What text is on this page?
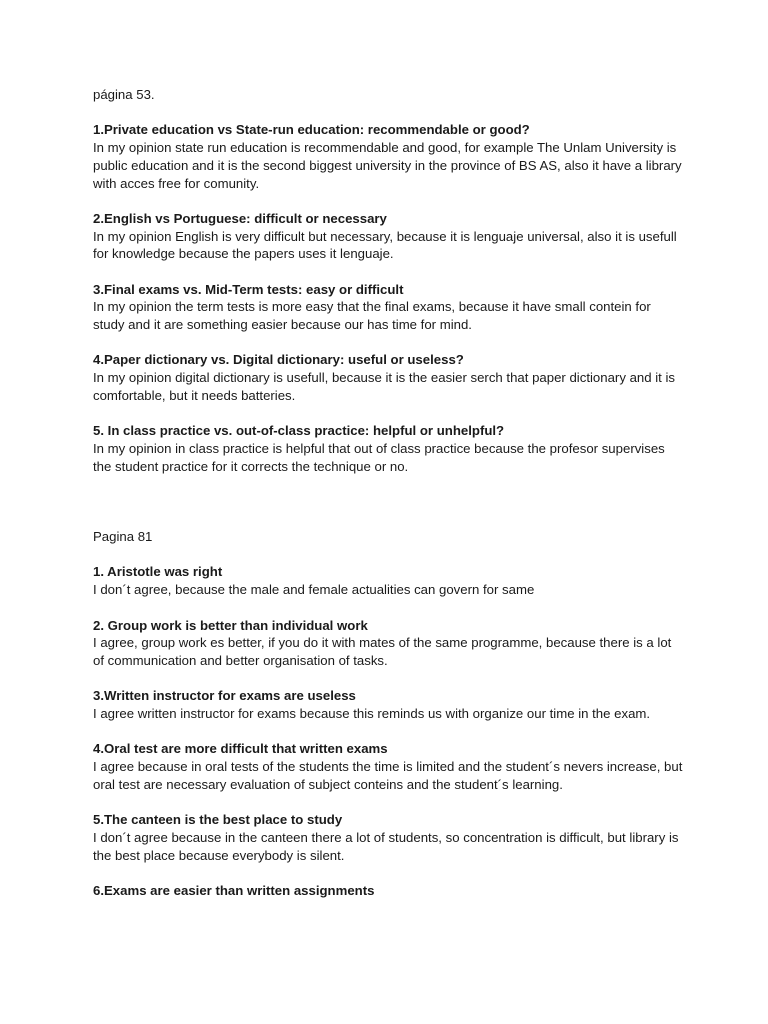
página 53.

1.Private education vs State-run education: recommendable or good?

In my opinion state run education is recommendable and good, for example The Unlam University is public education and it is the second biggest university in the province of BS AS, also it have a library with acces free for comunity.

2.English vs Portuguese: difficult or necessary

In my opinion English is very difficult but necessary, because it is lenguaje universal, also it is usefull for knowledge because the papers uses it lenguaje.

3.Final exams vs. Mid-Term tests: easy or difficult

In my opinion the term tests is more easy that the final exams, because it have small contein for study and it are something easier because our has time for mind.

4.Paper dictionary vs. Digital dictionary: useful or useless?

In my opinion digital dictionary is usefull, because it is the easier serch that paper dictionary and it is comfortable, but it needs batteries.

5. In class practice vs. out-of-class practice: helpful or unhelpful?

In my opinion in class practice is helpful that out of class practice because the profesor supervises the student practice for it corrects the technique or no.

Pagina 81

1. Aristotle was right

I don´t agree, because the male and female actualities can govern for same

2. Group work is better than individual work

I agree, group work es better, if you do it with mates of the same programme, because there is a lot of communication and better organisation of tasks.

3.Written instructor for exams are useless

I agree written instructor for exams because this reminds us with organize our time in the exam.

4.Oral test are more difficult that written exams

I agree because in oral tests of the students the time is limited and the student´s nevers increase, but oral test are necessary evaluation of subject conteins and the student´s learning.

5.The canteen is the best place to study

I don´t agree because in the canteen there a lot of students, so concentration is difficult, but library is the best place because everybody is silent.

6.Exams are easier than written assignments
